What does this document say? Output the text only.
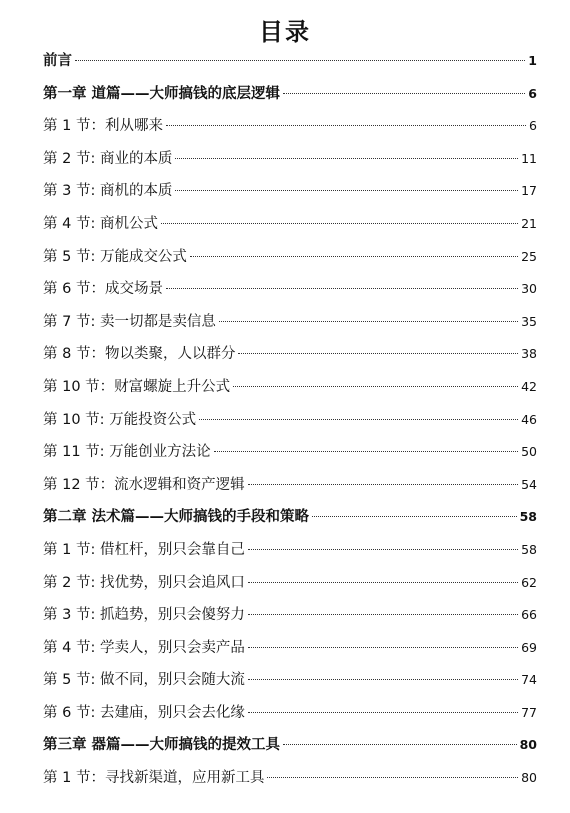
目录
前言	1
第一章 道篇——大师搞钱的底层逻辑	6
第 1 节：利从哪来	6
第 2 节: 商业的本质	11
第 3 节: 商机的本质	17
第 4 节: 商机公式	21
第 5 节: 万能成交公式	25
第 6 节：成交场景	30
第 7 节: 卖一切都是卖信息	35
第 8 节：物以类聚，人以群分	38
第 10 节：财富螺旋上升公式	42
第 10 节: 万能投资公式	46
第 11 节: 万能创业方法论	50
第 12 节：流水逻辑和资产逻辑	54
第二章 法术篇——大师搞钱的手段和策略	58
第 1 节: 借杠杆，别只会靠自己	58
第 2 节: 找优势，别只会追风口	62
第 3 节: 抓趋势，别只会傻努力	66
第 4 节: 学卖人，别只会卖产品	69
第 5 节: 做不同，别只会随大流	74
第 6 节: 去建庙，别只会去化缘	77
第三章 器篇——大师搞钱的提效工具	80
第 1 节：寻找新渠道，应用新工具	80
